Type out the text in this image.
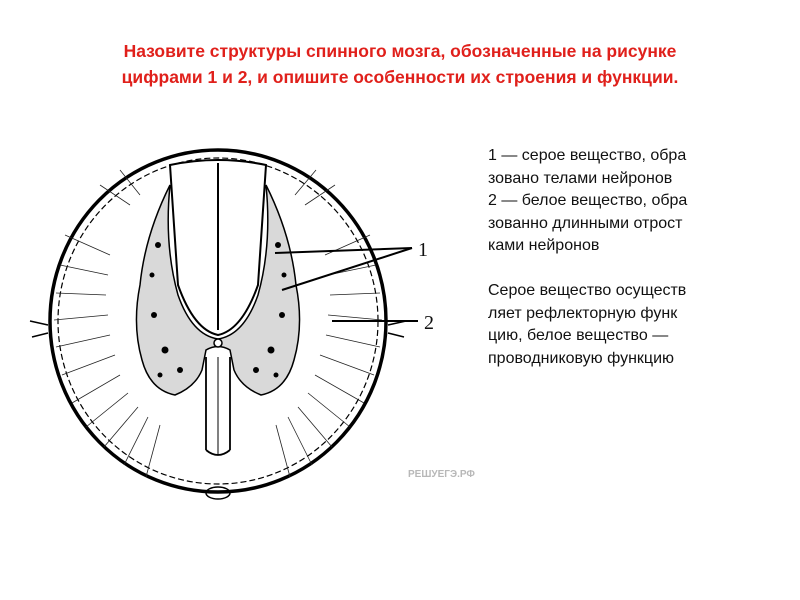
Назовите структуры спинного мозга, обозначенные на рисунке
цифрами 1 и 2, и опишите особенности их строения и функции.
1
2
РЕШУЕГЭ.РФ
1 — серое вещество, обра
зовано телами нейронов
2 — белое вещество, обра
зованно длинными отрост
ками нейронов
Серое вещество осуществ
ляет рефлекторную функ
цию, белое вещество —
проводниковую функцию
